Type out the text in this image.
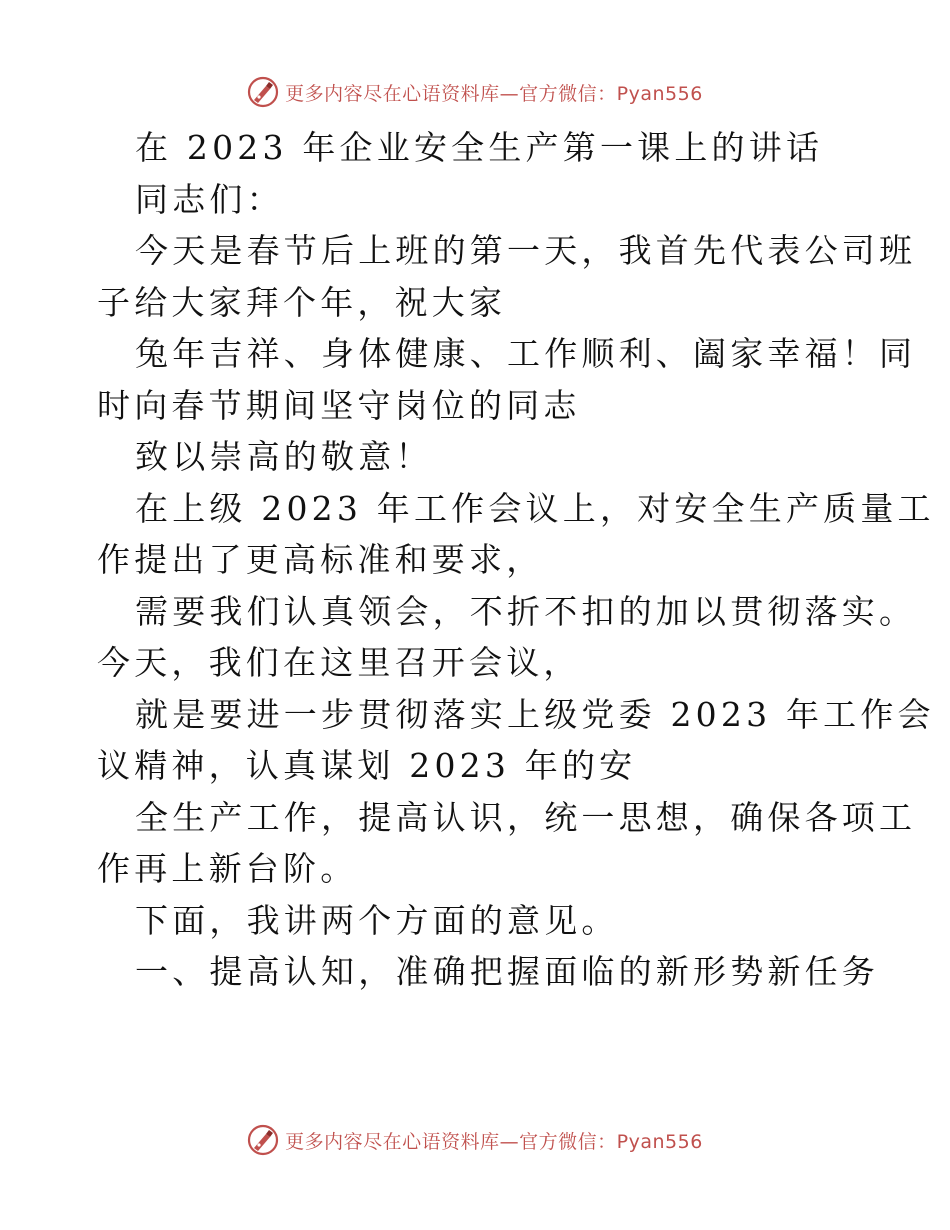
更多内容尽在心语资料库—官方微信：Pyan556
在 2023 年企业安全生产第一课上的讲话
同志们：
今天是春节后上班的第一天，我首先代表公司班
子给大家拜个年，祝大家
兔年吉祥、身体健康、工作顺利、阖家幸福！同
时向春节期间坚守岗位的同志
致以崇高的敬意！
在上级 2023 年工作会议上，对安全生产质量工
作提出了更高标准和要求，
需要我们认真领会，不折不扣的加以贯彻落实。
今天，我们在这里召开会议，
就是要进一步贯彻落实上级党委 2023 年工作会
议精神，认真谋划 2023 年的安
全生产工作，提高认识，统一思想，确保各项工
作再上新台阶。
下面，我讲两个方面的意见。
一、提高认知，准确把握面临的新形势新任务
更多内容尽在心语资料库—官方微信：Pyan556
